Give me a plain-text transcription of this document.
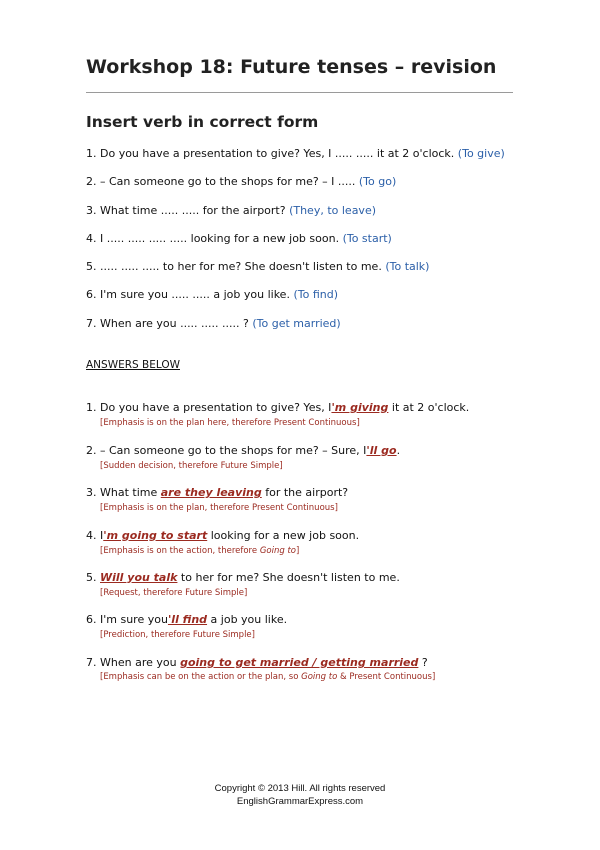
Workshop 18: Future tenses – revision
Insert verb in correct form
1. Do you have a presentation to give? Yes, I ..... ..... it at 2 o'clock. (To give)
2. – Can someone go to the shops for me? – I ..... (To go)
3. What time ..... ..... for the airport? (They, to leave)
4. I ..... ..... ..... ..... looking for a new job soon. (To start)
5. ..... ..... ..... to her for me? She doesn't listen to me. (To talk)
6. I'm sure you ..... ..... a job you like. (To find)
7. When are you ..... ..... ..... ? (To get married)
ANSWERS BELOW
1. Do you have a presentation to give? Yes, I'm giving it at 2 o'clock.
[Emphasis is on the plan here, therefore Present Continuous]
2. – Can someone go to the shops for me? – Sure, I'll go.
[Sudden decision, therefore Future Simple]
3. What time are they leaving for the airport?
[Emphasis is on the plan, therefore Present Continuous]
4. I'm going to start looking for a new job soon.
[Emphasis is on the action, therefore Going to]
5. Will you talk to her for me? She doesn't listen to me.
[Request, therefore Future Simple]
6. I'm sure you'll find a job you like.
[Prediction, therefore Future Simple]
7. When are you going to get married / getting married ?
[Emphasis can be on the action or the plan, so Going to & Present Continuous]
Copyright © 2013 Hill. All rights reserved
EnglishGrammarExpress.com
